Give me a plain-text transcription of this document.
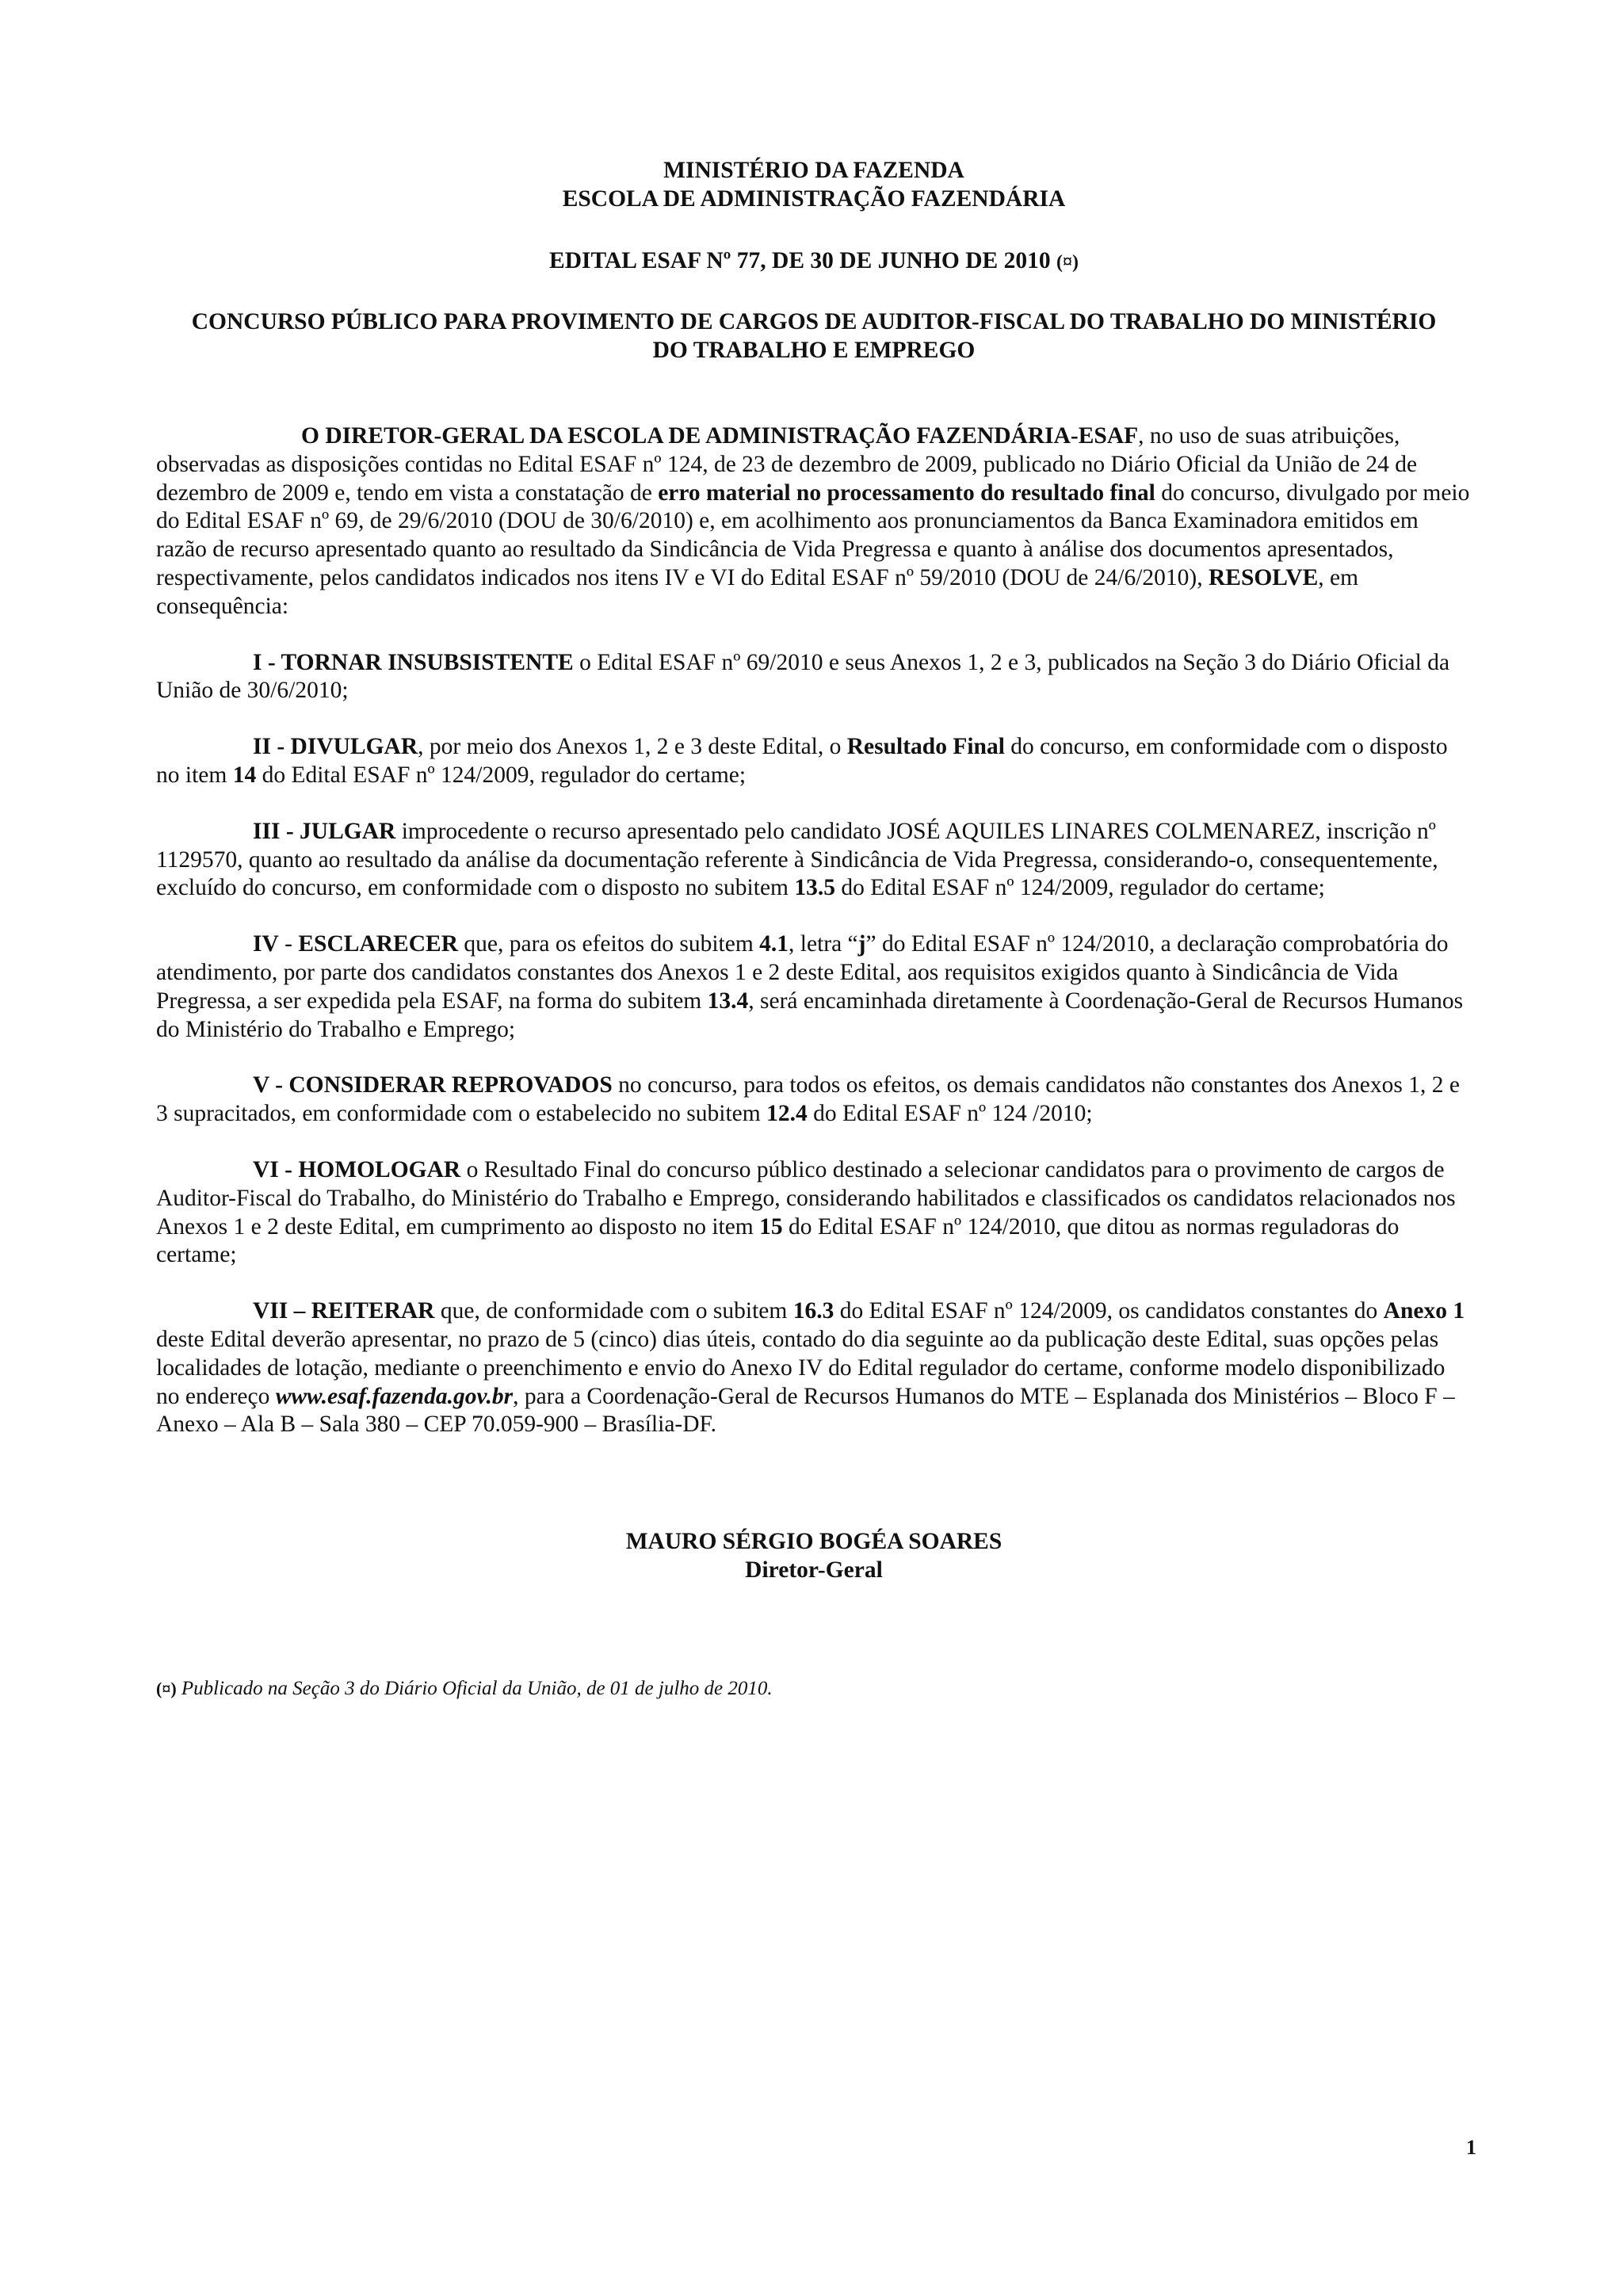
MINISTÉRIO DA FAZENDA

ESCOLA DE ADMINISTRAÇÃO FAZENDÁRIA

EDITAL ESAF Nº 77, DE 30 DE JUNHO DE 2010 (¤)

CONCURSO PÚBLICO PARA PROVIMENTO DE CARGOS DE AUDITOR-FISCAL DO TRABALHO DO MINISTÉRIO

DO TRABALHO E EMPREGO

O DIRETOR-GERAL DA ESCOLA DE ADMINISTRAÇÃO FAZENDÁRIA-ESAF, no uso de suas atribuições, observadas as disposições contidas no Edital ESAF nº 124, de 23 de dezembro de 2009, publicado no Diário Oficial da União de 24 de dezembro de 2009 e, tendo em vista a constatação de erro material no processamento do resultado final do concurso, divulgado por meio do Edital ESAF nº 69, de 29/6/2010 (DOU de 30/6/2010) e, em acolhimento aos pronunciamentos da Banca Examinadora emitidos em razão de recurso apresentado quanto ao resultado da Sindicância de Vida Pregressa e quanto à análise dos documentos apresentados, respectivamente, pelos candidatos indicados nos itens IV e VI do Edital ESAF nº 59/2010 (DOU de 24/6/2010), RESOLVE, em consequência:

I - TORNAR INSUBSISTENTE o Edital ESAF nº 69/2010 e seus Anexos 1, 2 e 3, publicados na Seção 3 do Diário Oficial da União de 30/6/2010;

II - DIVULGAR, por meio dos Anexos 1, 2 e 3 deste Edital, o Resultado Final do concurso, em conformidade com o disposto no item 14 do Edital ESAF nº 124/2009, regulador do certame;

III - JULGAR improcedente o recurso apresentado pelo candidato JOSÉ AQUILES LINARES COLMENAREZ, inscrição nº 1129570, quanto ao resultado da análise da documentação referente à Sindicância de Vida Pregressa, considerando-o, consequentemente, excluído do concurso, em conformidade com o disposto no subitem 13.5 do Edital ESAF nº 124/2009, regulador do certame;

IV - ESCLARECER que, para os efeitos do subitem 4.1, letra “j” do Edital ESAF nº 124/2010, a declaração comprobatória do atendimento, por parte dos candidatos constantes dos Anexos 1 e 2 deste Edital, aos requisitos exigidos quanto à Sindicância de Vida Pregressa, a ser expedida pela ESAF, na forma do subitem 13.4, será encaminhada diretamente à Coordenação-Geral de Recursos Humanos do Ministério do Trabalho e Emprego;

V - CONSIDERAR REPROVADOS no concurso, para todos os efeitos, os demais candidatos não constantes dos Anexos 1, 2 e 3 supracitados, em conformidade com o estabelecido no subitem 12.4 do Edital ESAF nº 124 /2010;

VI - HOMOLOGAR o Resultado Final do concurso público destinado a selecionar candidatos para o provimento de cargos de Auditor-Fiscal do Trabalho, do Ministério do Trabalho e Emprego, considerando habilitados e classificados os candidatos relacionados nos Anexos 1 e 2 deste Edital, em cumprimento ao disposto no item 15 do Edital ESAF nº 124/2010, que ditou as normas reguladoras do certame;

VII – REITERAR que, de conformidade com o subitem 16.3 do Edital ESAF nº 124/2009, os candidatos constantes do Anexo 1 deste Edital deverão apresentar, no prazo de 5 (cinco) dias úteis, contado do dia seguinte ao da publicação deste Edital, suas opções pelas localidades de lotação, mediante o preenchimento e envio do Anexo IV do Edital regulador do certame, conforme modelo disponibilizado no endereço www.esaf.fazenda.gov.br, para a Coordenação-Geral de Recursos Humanos do MTE – Esplanada dos Ministérios – Bloco F – Anexo – Ala B – Sala 380 – CEP 70.059-900 – Brasília-DF.

MAURO SÉRGIO BOGÉA SOARES

Diretor-Geral

(¤) Publicado na Seção 3 do Diário Oficial da União, de 01 de julho de 2010.

1
